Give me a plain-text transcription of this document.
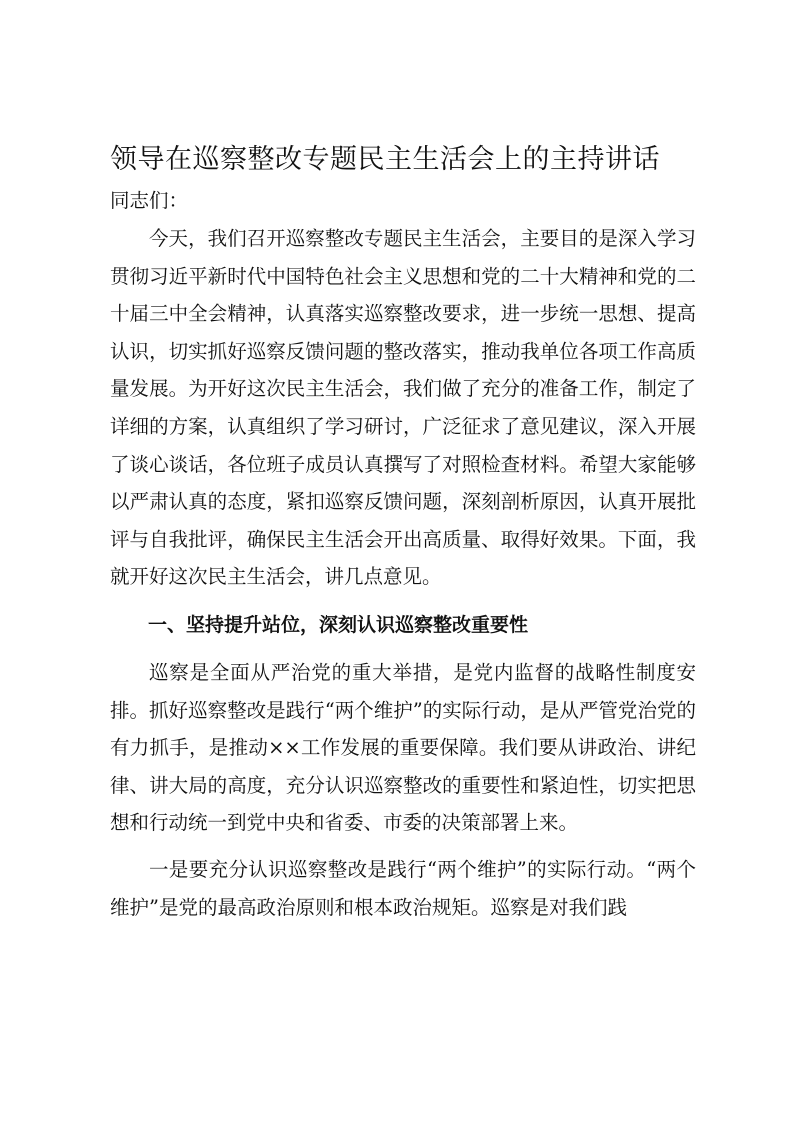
领导在巡察整改专题民主生活会上的主持讲话

同志们：

今天，我们召开巡察整改专题民主生活会，主要目的是深入学习贯彻习近平新时代中国特色社会主义思想和党的二十大精神和党的二十届三中全会精神，认真落实巡察整改要求，进一步统一思想、提高认识，切实抓好巡察反馈问题的整改落实，推动我单位各项工作高质量发展。为开好这次民主生活会，我们做了充分的准备工作，制定了详细的方案，认真组织了学习研讨，广泛征求了意见建议，深入开展了谈心谈话，各位班子成员认真撰写了对照检查材料。希望大家能够以严肃认真的态度，紧扣巡察反馈问题，深刻剖析原因，认真开展批评与自我批评，确保民主生活会开出高质量、取得好效果。下面，我就开好这次民主生活会，讲几点意见。

一、坚持提升站位，深刻认识巡察整改重要性

巡察是全面从严治党的重大举措，是党内监督的战略性制度安排。抓好巡察整改是践行“两个维护”的实际行动，是从严管党治党的有力抓手，是推动××工作发展的重要保障。我们要从讲政治、讲纪律、讲大局的高度，充分认识巡察整改的重要性和紧迫性，切实把思想和行动统一到党中央和省委、市委的决策部署上来。

一是要充分认识巡察整改是践行“两个维护”的实际行动。“两个维护”是党的最高政治原则和根本政治规矩。巡察是对我们践
